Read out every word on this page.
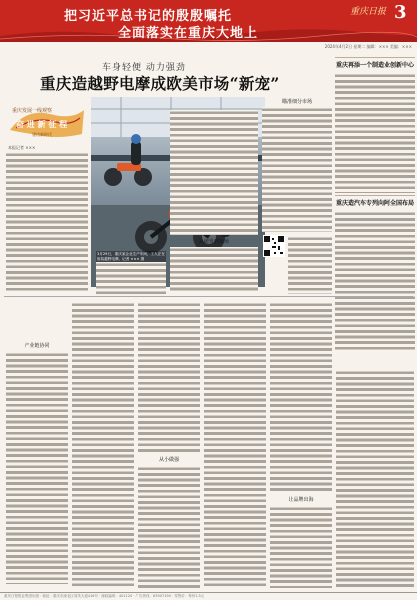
把习近平总书记的殷殷嘱托
全面落实在重庆大地上
重庆日报 3
2024年4月2日 星期二 编辑：××× 美编：×××
车身轻便 动力强劲
重庆造越野电摩成欧美市场“新宠”
重庆发展一线观察
奋 进 新 征 程
建功新时代
本报记者 ×××
3月29日，重庆某企业生产车间，工人正在组装越野电摩。记者 ××× 摄
瞄准细分市场
从研发到市场
重庆再添一个制造业创新中心
重庆造汽车专列向阿全国布局
产业链协同
从小做强
让品牌出海
重庆日报报业集团出版 · 地址：重庆市渝北区同茂大道416号 · 邮政编码：401120 · 广告热线：63907190 · 零售价：每份1.5元
